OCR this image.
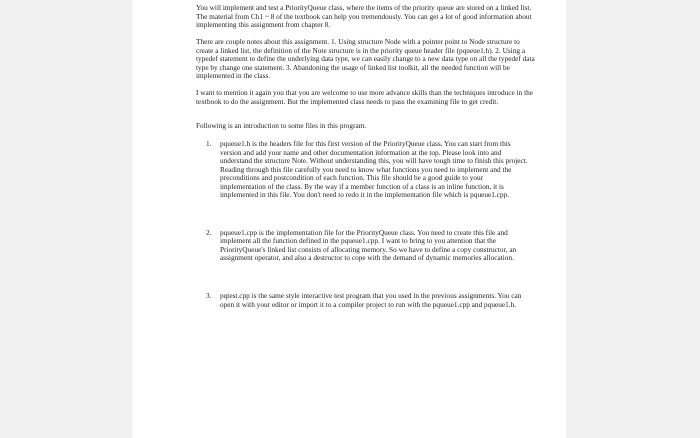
You will implement and test a PriorityQueue class, where the items of the priority queue are stored on a linked list. The material from Ch1 ~ 8 of the textbook can help you tremendously. You can get a lot of good information about implementing this assignment from chapter 8.

There are couple notes about this assignment. 1. Using structure Node with a pointer point to Node structure to create a linked list, the definition of the Note structure is in the priority queue header file (pqueue1.h). 2. Using a typedef statement to define the underlying data type, we can easily change to a new data type on all the typedef data type by change one statement. 3. Abandoning the usage of linked list toolkit, all the needed function will be implemented in the class.

I want to mention it again you that you are welcome to use more advance skills than the techniques introduce in the textbook to do the assignment. But the implemented class needs to pass the examining file to get credit.

Following is an introduction to some files in this program.

1.	pqueue1.h is the headers file for this first version of the PriorityQueue class. You can start from this version and add your name and other documentation information at the top. Please look into and understand the structure Note. Without understanding this, you will have tough time to finish this project. Reading through this file carefully you need to know what functions you need to implement and the preconditions and postcondition of each function. This file should be a good guide to your implementation of the class. By the way if a member function of a class is an inline function, it is implemented in this file. You don't need to redo it in the implementation file which is pqueue1.cpp.
2.	pqueue1.cpp is the implementation file for the PriorityQueue class. You need to create this file and implement all the function defined in the pqueue1.cpp. I want to bring to you attention that the PriorityQueue's linked list consists of allocating memory. So we have to define a copy constructor, an assignment operator, and also a destructor to cope with the demand of dynamic memories allocation.
3.	pqtest.cpp is the same style interactive test program that you used in the previous assignments. You can open it with your editor or import it to a compiler project to run with the pqueue1.cpp and pqueue1.h.
